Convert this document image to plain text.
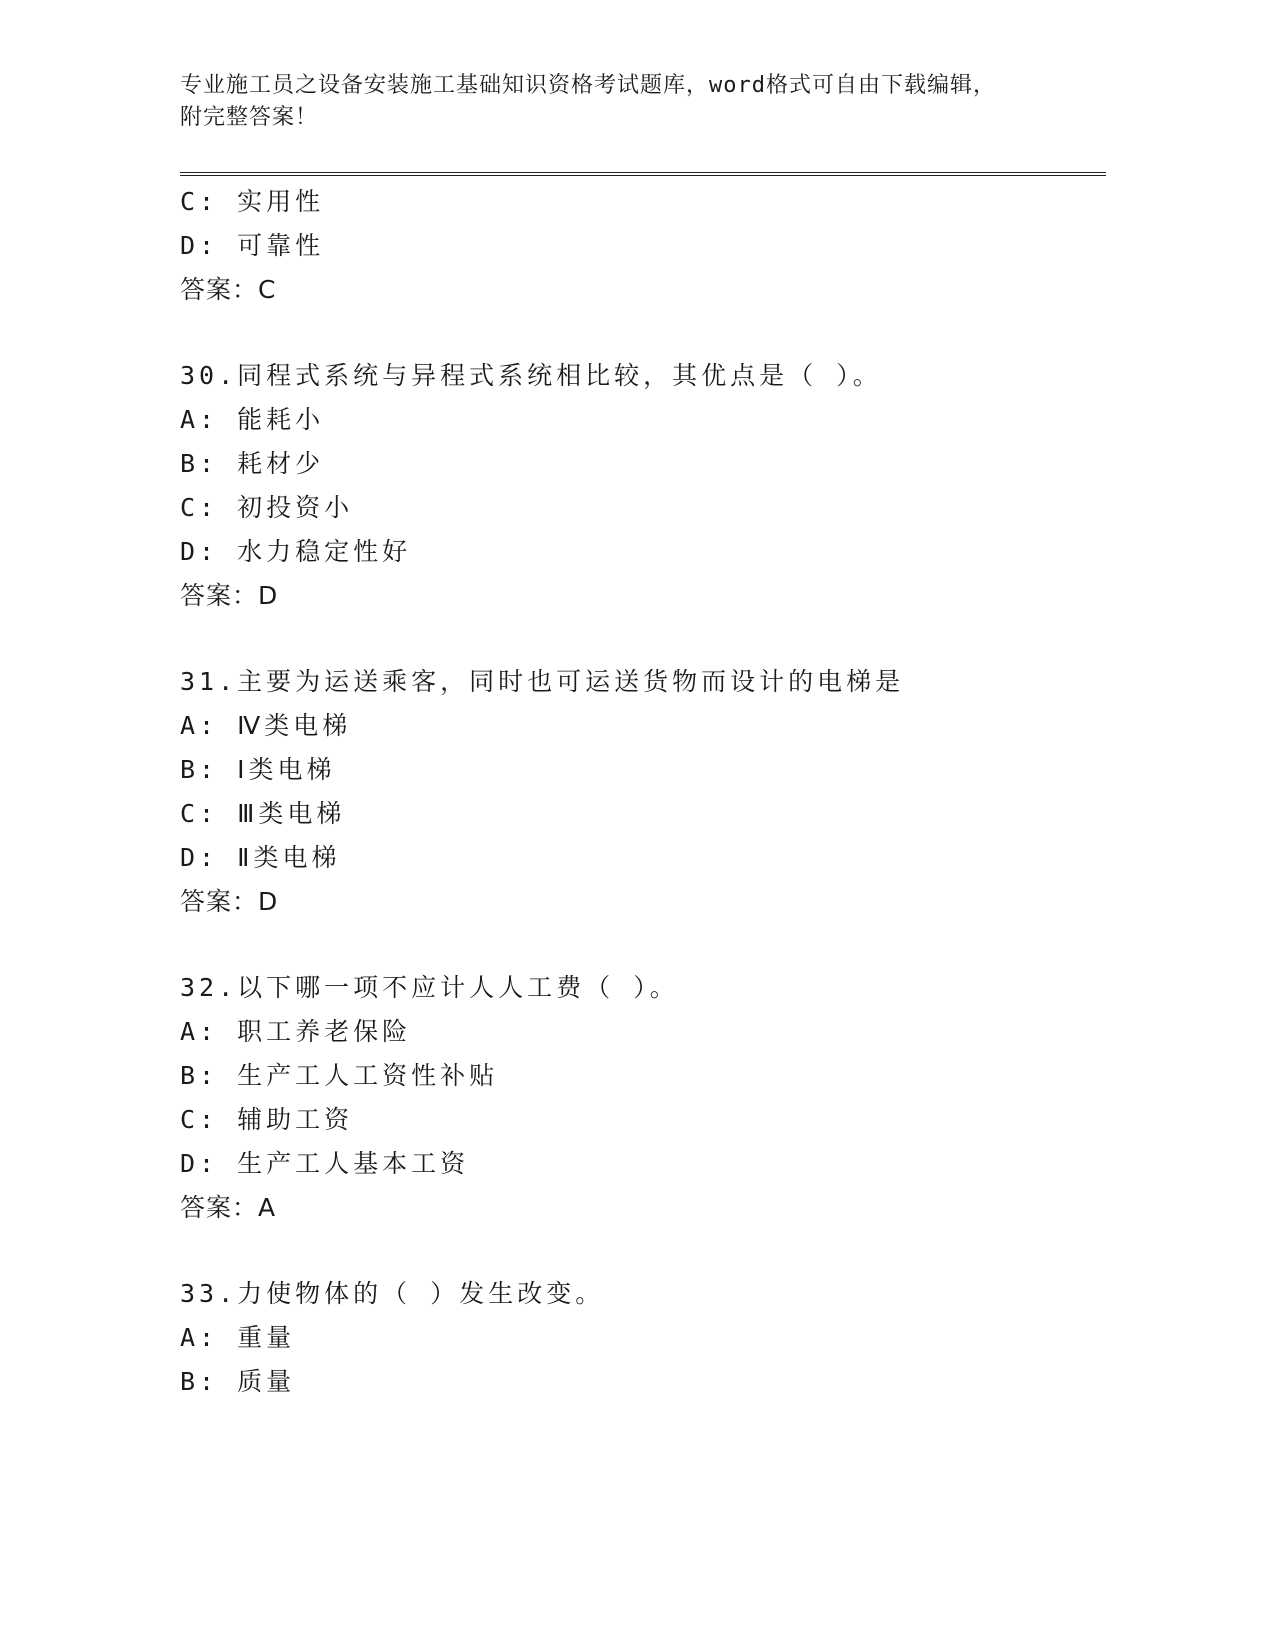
专业施工员之设备安装施工基础知识资格考试题库，word格式可自由下载编辑，
附完整答案！
C: 实用性
D: 可靠性
答案：C
30.同程式系统与异程式系统相比较，其优点是（ ）。
A: 能耗小
B: 耗材少
C: 初投资小
D: 水力稳定性好
答案：D
31.主要为运送乘客，同时也可运送货物而设计的电梯是
A: Ⅳ类电梯
B: Ⅰ类电梯
C: Ⅲ类电梯
D: Ⅱ类电梯
答案：D
32.以下哪一项不应计人人工费（ ）。
A: 职工养老保险
B: 生产工人工资性补贴
C: 辅助工资
D: 生产工人基本工资
答案：A
33.力使物体的（ ）发生改变。
A: 重量
B: 质量
